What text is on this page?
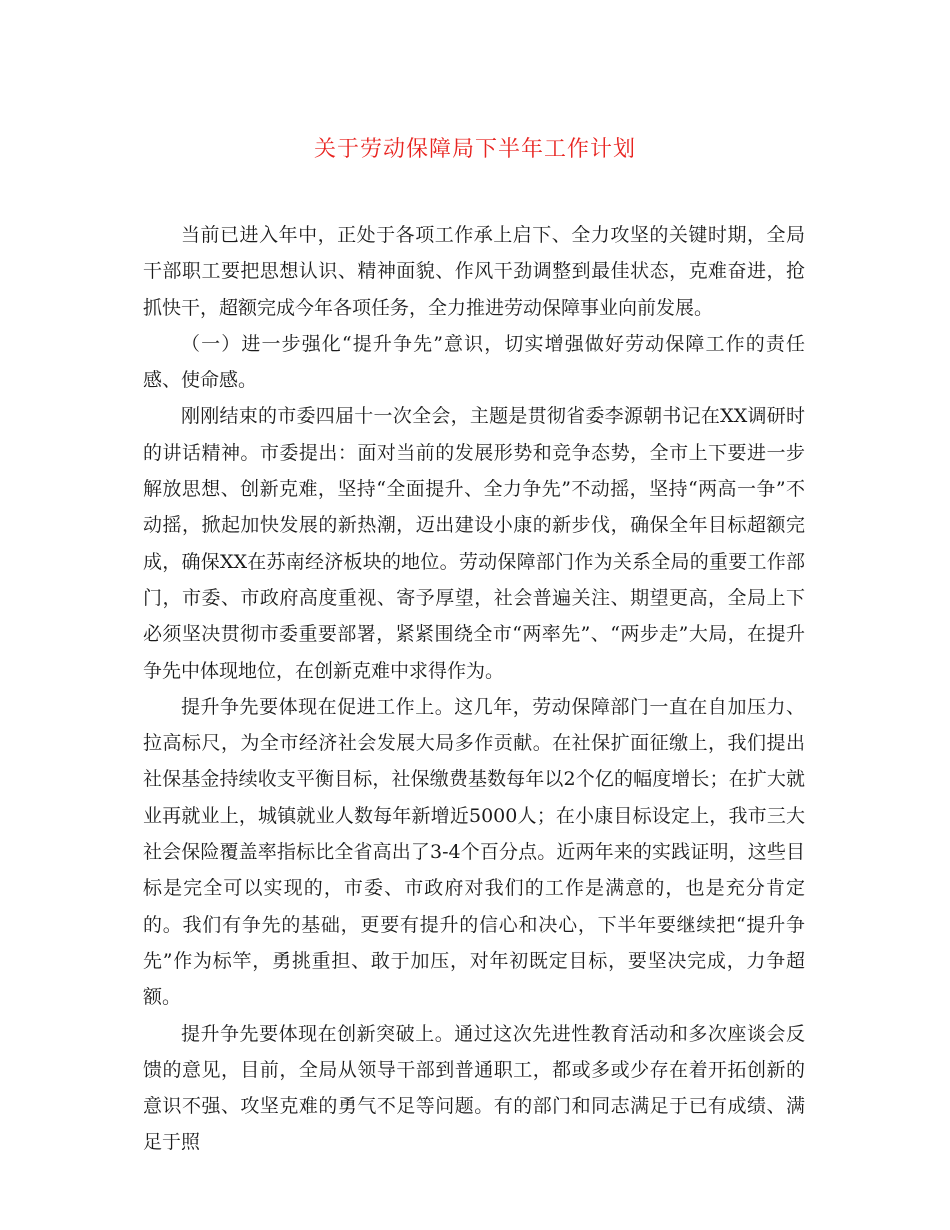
关于劳动保障局下半年工作计划

当前已进入年中，正处于各项工作承上启下、全力攻坚的关键时期，全局干部职工要把思想认识、精神面貌、作风干劲调整到最佳状态，克难奋进，抢抓快干，超额完成今年各项任务，全力推进劳动保障事业向前发展。

（一）进一步强化“提升争先”意识，切实增强做好劳动保障工作的责任感、使命感。

刚刚结束的市委四届十一次全会，主题是贯彻省委李源朝书记在XX调研时的讲话精神。市委提出：面对当前的发展形势和竞争态势，全市上下要进一步解放思想、创新克难，坚持“全面提升、全力争先”不动摇，坚持“两高一争”不动摇，掀起加快发展的新热潮，迈出建设小康的新步伐，确保全年目标超额完成，确保XX在苏南经济板块的地位。劳动保障部门作为关系全局的重要工作部门，市委、市政府高度重视、寄予厚望，社会普遍关注、期望更高，全局上下必须坚决贯彻市委重要部署，紧紧围绕全市“两率先”、“两步走”大局，在提升争先中体现地位，在创新克难中求得作为。

提升争先要体现在促进工作上。这几年，劳动保障部门一直在自加压力、拉高标尺，为全市经济社会发展大局多作贡献。在社保扩面征缴上，我们提出社保基金持续收支平衡目标，社保缴费基数每年以2个亿的幅度增长；在扩大就业再就业上，城镇就业人数每年新增近5000人；在小康目标设定上，我市三大社会保险覆盖率指标比全省高出了3-4个百分点。近两年来的实践证明，这些目标是完全可以实现的，市委、市政府对我们的工作是满意的，也是充分肯定的。我们有争先的基础，更要有提升的信心和决心，下半年要继续把“提升争先”作为标竿，勇挑重担、敢于加压，对年初既定目标，要坚决完成，力争超额。

提升争先要体现在创新突破上。通过这次先进性教育活动和多次座谈会反馈的意见，目前，全局从领导干部到普通职工，都或多或少存在着开拓创新的意识不强、攻坚克难的勇气不足等问题。有的部门和同志满足于已有成绩、满足于照
